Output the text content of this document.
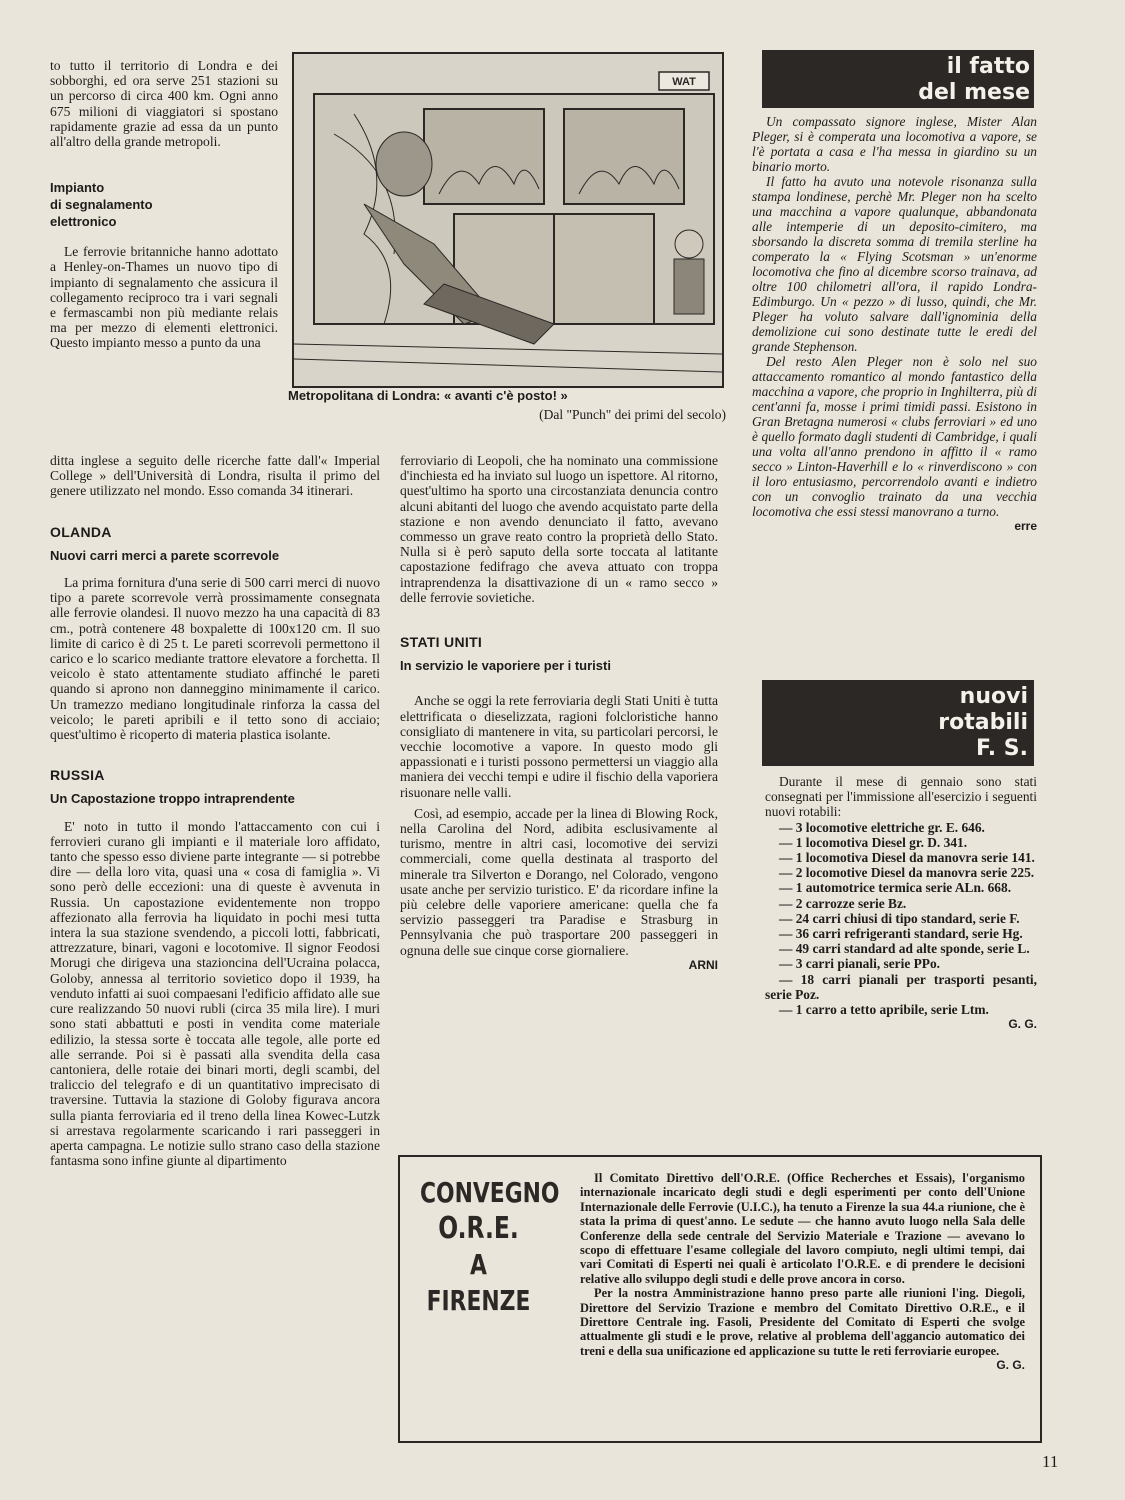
to tutto il territorio di Londra e dei sobborghi, ed ora serve 251 stazioni su un percorso di circa 400 km. Ogni anno 675 milioni di viaggiatori si spostano rapidamente grazie ad essa da un punto all'altro della grande metropoli.

Impianto
di segnalamento
elettronico

Le ferrovie britanniche hanno adottato a Henley-on-Thames un nuovo tipo di impianto di segnalamento che assicura il collegamento reciproco tra i vari segnali e fermascambi non più mediante relais ma per mezzo di elementi elettronici. Questo impianto messo a punto da una

WAT
Metropolitana di Londra: « avanti c'è posto! »
(Dal "Punch" dei primi del secolo)

ditta inglese a seguito delle ricerche fatte dall'« Imperial College » dell'Università di Londra, risulta il primo del genere utilizzato nel mondo. Esso comanda 34 itinerari.

OLANDA
Nuovi carri merci a parete scorrevole

La prima fornitura d'una serie di 500 carri merci di nuovo tipo a parete scorrevole verrà prossimamente consegnata alle ferrovie olandesi. Il nuovo mezzo ha una capacità di 83 cm., potrà contenere 48 boxpalette di 100x120 cm. Il suo limite di carico è di 25 t. Le pareti scorrevoli permettono il carico e lo scarico mediante trattore elevatore a forchetta. Il veicolo è stato attentamente studiato affinché le pareti quando si aprono non danneggino minimamente il carico. Un tramezzo mediano longitudinale rinforza la cassa del veicolo; le pareti apribili e il tetto sono di acciaio; quest'ultimo è ricoperto di materia plastica isolante.

RUSSIA
Un Capostazione troppo intraprendente

E' noto in tutto il mondo l'attaccamento con cui i ferrovieri curano gli impianti e il materiale loro affidato, tanto che spesso esso diviene parte integrante — si potrebbe dire — della loro vita, quasi una « cosa di famiglia ». Vi sono però delle eccezioni: una di queste è avvenuta in Russia. Un capostazione evidentemente non troppo affezionato alla ferrovia ha liquidato in pochi mesi tutta intera la sua stazione svendendo, a piccoli lotti, fabbricati, attrezzature, binari, vagoni e locotomive. Il signor Feodosi Morugi che dirigeva una stazioncina dell'Ucraina polacca, Goloby, annessa al territorio sovietico dopo il 1939, ha venduto infatti ai suoi compaesani l'edificio affidato alle sue cure realizzando 50 nuovi rubli (circa 35 mila lire). I muri sono stati abbattuti e posti in vendita come materiale edilizio, la stessa sorte è toccata alle tegole, alle porte ed alle serrande. Poi si è passati alla svendita della casa cantoniera, delle rotaie dei binari morti, degli scambi, del traliccio del telegrafo e di un quantitativo imprecisato di traversine. Tuttavia la stazione di Goloby figurava ancora sulla pianta ferroviaria ed il treno della linea Kowec-Lutzk si arrestava regolarmente scaricando i rari passeggeri in aperta campagna. Le notizie sullo strano caso della stazione fantasma sono infine giunte al dipartimento

ferroviario di Leopoli, che ha nominato una commissione d'inchiesta ed ha inviato sul luogo un ispettore. Al ritorno, quest'ultimo ha sporto una circostanziata denuncia contro alcuni abitanti del luogo che avendo acquistato parte della stazione e non avendo denunciato il fatto, avevano commesso un grave reato contro la proprietà dello Stato. Nulla si è però saputo della sorte toccata al latitante capostazione fedifrago che aveva attuato con troppa intraprendenza la disattivazione di un « ramo secco » delle ferrovie sovietiche.

STATI UNITI
In servizio le vaporiere per i turisti

Anche se oggi la rete ferroviaria degli Stati Uniti è tutta elettrificata o dieselizzata, ragioni folcloristiche hanno consigliato di mantenere in vita, su particolari percorsi, le vecchie locomotive a vapore. In questo modo gli appassionati e i turisti possono permettersi un viaggio alla maniera dei vecchi tempi e udire il fischio della vaporiera risuonare nelle valli.

Così, ad esempio, accade per la linea di Blowing Rock, nella Carolina del Nord, adibita esclusivamente al turismo, mentre in altri casi, locomotive dei servizi commerciali, come quella destinata al trasporto del minerale tra Silverton e Dorango, nel Colorado, vengono usate anche per servizio turistico. E' da ricordare infine la più celebre delle vaporiere americane: quella che fa servizio passeggeri tra Paradise e Strasburg in Pennsylvania che può trasportare 200 passeggeri in ognuna delle sue cinque corse giornaliere.

ARNI
il fatto
del mese

Un compassato signore inglese, Mister Alan Pleger, si è comperata una locomotiva a vapore, se l'è portata a casa e l'ha messa in giardino su un binario morto.

Il fatto ha avuto una notevole risonanza sulla stampa londinese, perchè Mr. Pleger non ha scelto una macchina a vapore qualunque, abbandonata alle intemperie di un deposito-cimitero, ma sborsando la discreta somma di tremila sterline ha comperato la « Flying Scotsman » un'enorme locomotiva che fino al dicembre scorso trainava, ad oltre 100 chilometri all'ora, il rapido Londra-Edimburgo. Un « pezzo » di lusso, quindi, che Mr. Pleger ha voluto salvare dall'ignominia della demolizione cui sono destinate tutte le eredi del grande Stephenson.

Del resto Alen Pleger non è solo nel suo attaccamento romantico al mondo fantastico della macchina a vapore, che proprio in Inghilterra, più di cent'anni fa, mosse i primi timidi passi. Esistono in Gran Bretagna numerosi « clubs ferroviari » ed uno è quello formato dagli studenti di Cambridge, i quali una volta all'anno prendono in affitto il « ramo secco » Linton-Haverhill e lo « rinverdiscono » con il loro entusiasmo, percorrendolo avanti e indietro con un convoglio trainato da una vecchia locomotiva che essi stessi manovrano a turno.

erre
nuovi
rotabili
F. S.

Durante il mese di gennaio sono stati consegnati per l'immissione all'esercizio i seguenti nuovi rotabili:

— 3 locomotive elettriche gr. E. 646.

— 1 locomotiva Diesel gr. D. 341.

— 1 locomotiva Diesel da manovra serie 141.

— 2 locomotive Diesel da manovra serie 225.

— 1 automotrice termica serie ALn. 668.

— 2 carrozze serie Bz.

— 24 carri chiusi di tipo standard, serie F.

— 36 carri refrigeranti standard, serie Hg.

— 49 carri standard ad alte sponde, serie L.

— 3 carri pianali, serie PPo.

— 18 carri pianali per trasporti pesanti, serie Poz.

— 1 carro a tetto apribile, serie Ltm.

G. G.
CONVEGNO
O.R.E.
A FIRENZE

Il Comitato Direttivo dell'O.R.E. (Office Recherches et Essais), l'organismo internazionale incaricato degli studi e degli esperimenti per conto dell'Unione Internazionale delle Ferrovie (U.I.C.), ha tenuto a Firenze la sua 44.a riunione, che è stata la prima di quest'anno. Le sedute — che hanno avuto luogo nella Sala delle Conferenze della sede centrale del Servizio Materiale e Trazione — avevano lo scopo di effettuare l'esame collegiale del lavoro compiuto, negli ultimi tempi, dai vari Comitati di Esperti nei quali è articolato l'O.R.E. e di prendere le decisioni relative allo sviluppo degli studi e delle prove ancora in corso.

Per la nostra Amministrazione hanno preso parte alle riunioni l'ing. Diegoli, Direttore del Servizio Trazione e membro del Comitato Direttivo O.R.E., e il Direttore Centrale ing. Fasoli, Presidente del Comitato di Esperti che svolge attualmente gli studi e le prove, relative al problema dell'aggancio automatico dei treni e della sua unificazione ed applicazione su tutte le reti ferroviarie europee.

G. G.
11
